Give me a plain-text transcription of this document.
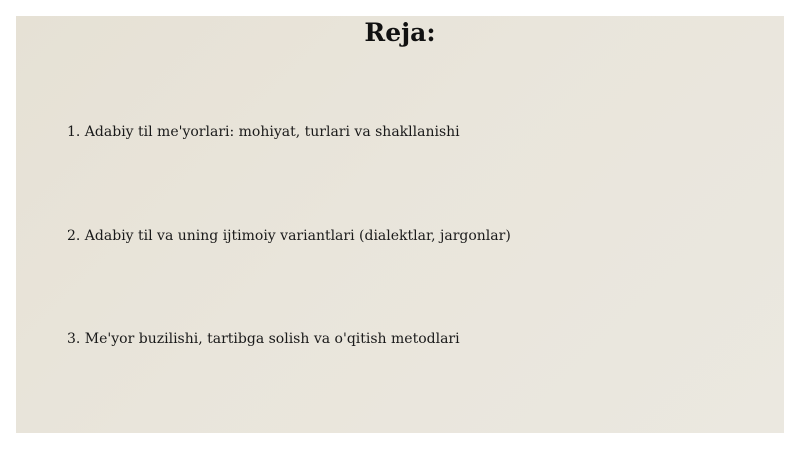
Reja:
1. Adabiy til me'yorlari: mohiyat, turlari va shakllanishi
2. Adabiy til va uning ijtimoiy variantlari (dialektlar, jargonlar)
3. Me'yor buzilishi, tartibga solish va o'qitish metodlari
